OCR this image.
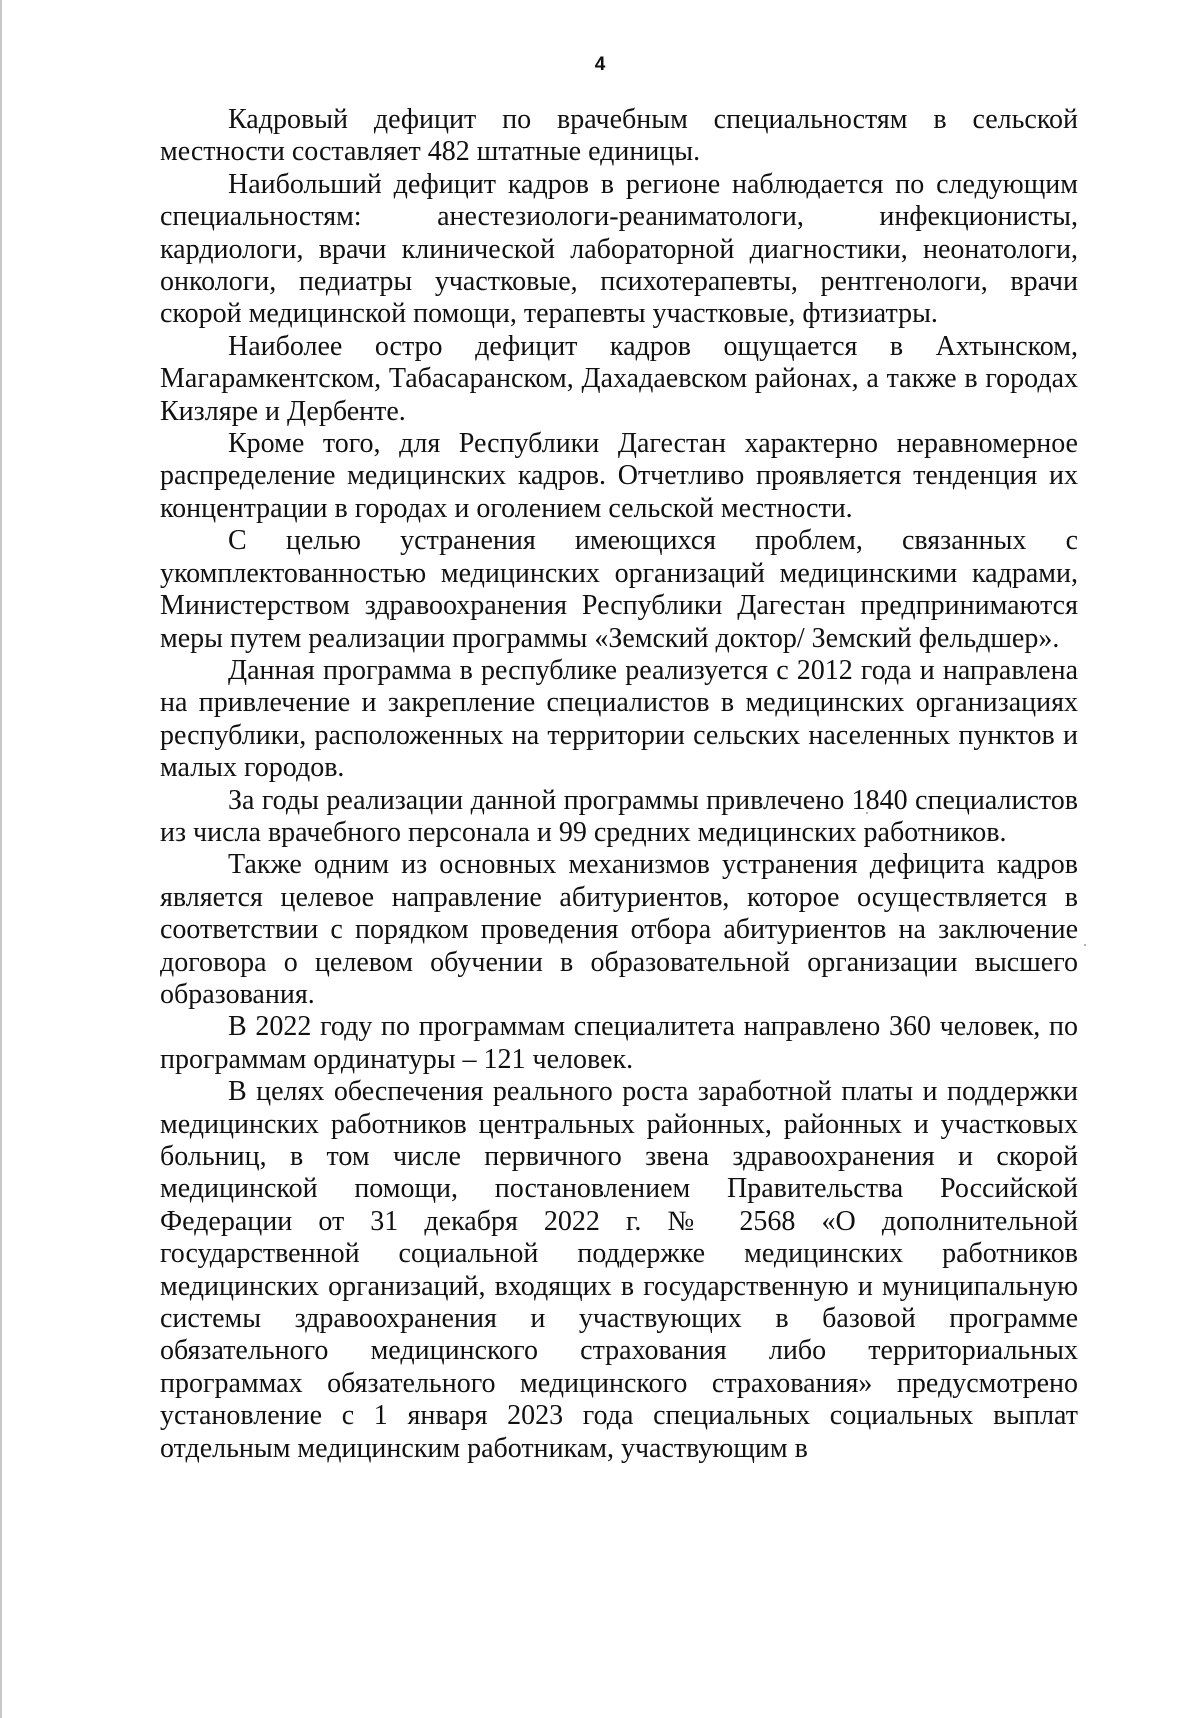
4

Кадровый дефицит по врачебным специальностям в сельской местности составляет 482 штатные единицы.

Наибольший дефицит кадров в регионе наблюдается по следующим специальностям: анестезиологи-реаниматологи, инфекционисты, кардиологи, врачи клинической лабораторной диагностики, неонатологи, онкологи, педиатры участковые, психотерапевты, рентгенологи, врачи скорой медицинской помощи, терапевты участковые, фтизиатры.

Наиболее остро дефицит кадров ощущается в Ахтынском, Магарамкентском, Табасаранском, Дахадаевском районах, а также в городах Кизляре и Дербенте.

Кроме того, для Республики Дагестан характерно неравномерное распределение медицинских кадров. Отчетливо проявляется тенденция их концентрации в городах и оголением сельской местности.

С целью устранения имеющихся проблем, связанных с укомплектованностью медицинских организаций медицинскими кадрами, Министерством здравоохранения Республики Дагестан предпринимаются меры путем реализации программы «Земский доктор/ Земский фельдшер».

Данная программа в республике реализуется с 2012 года и направлена на привлечение и закрепление специалистов в медицинских организациях республики, расположенных на территории сельских населенных пунктов и малых городов.

За годы реализации данной программы привлечено 1840 специалистов из числа врачебного персонала и 99 средних медицинских работников.

Также одним из основных механизмов устранения дефицита кадров является целевое направление абитуриентов, которое осуществляется в соответствии с порядком проведения отбора абитуриентов на заключение договора о целевом обучении в образовательной организации высшего образования.

В 2022 году по программам специалитета направлено 360 человек, по программам ординатуры – 121 человек.

В целях обеспечения реального роста заработной платы и поддержки медицинских работников центральных районных, районных и участковых больниц, в том числе первичного звена здравоохранения и скорой медицинской помощи, постановлением Правительства Российской Федерации от 31 декабря 2022 г. № 2568 «О дополнительной государственной социальной поддержке медицинских работников медицинских организаций, входящих в государственную и муниципальную системы здравоохранения и участвующих в базовой программе обязательного медицинского страхования либо территориальных программах обязательного медицинского страхования» предусмотрено установление с 1 января 2023 года специальных социальных выплат отдельным медицинским работникам, участвующим в
